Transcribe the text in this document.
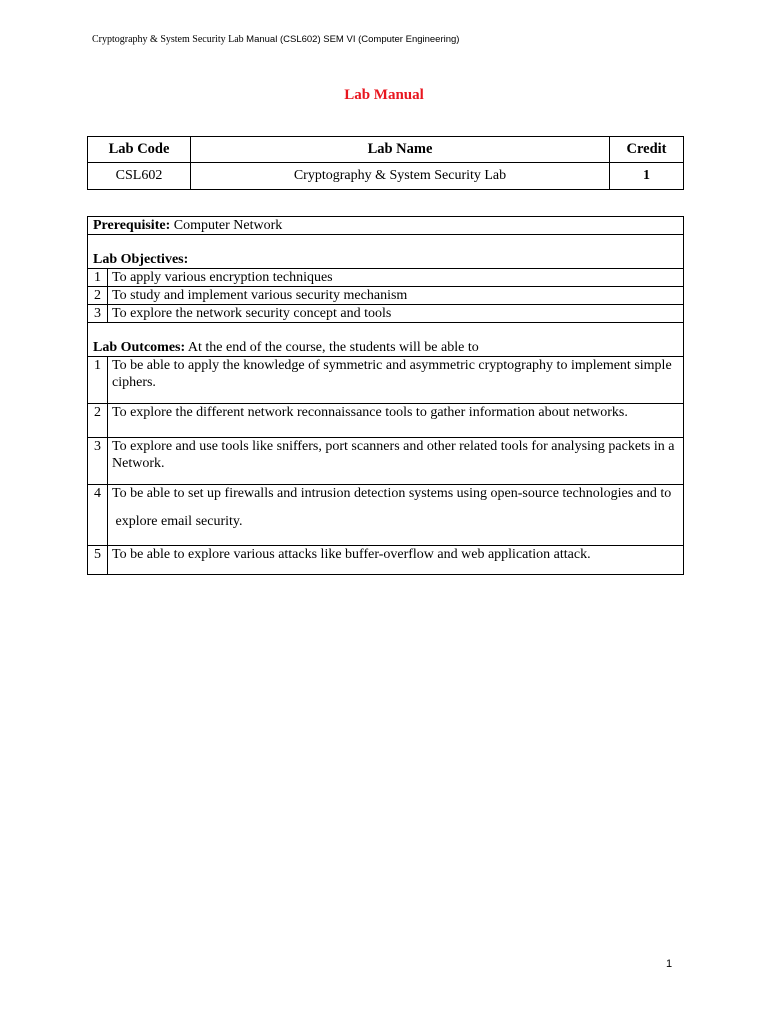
Cryptography & System Security Lab Manual (CSL602) SEM VI (Computer Engineering)
Lab Manual
Lab Code	Lab Name	Credit
CSL602	Cryptography & System Security Lab	1
Prerequisite: Computer Network	
Lab Objectives:	
1	To apply various encryption techniques
2	To study and implement various security mechanism
3	To explore the network security concept and tools
Lab Outcomes: At the end of the course, the students will be able to	
1	To be able to apply the knowledge of symmetric and asymmetric cryptography to implement simple ciphers.
2	To explore the different network reconnaissance tools to gather information about networks.
3	To explore and use tools like sniffers, port scanners and other related tools for analysing packets in a Network.
4	To be able to set up firewalls and intrusion detection systems using open-source technologies and to
explore email security.

5	To be able to explore various attacks like buffer-overflow and web application attack.
1
